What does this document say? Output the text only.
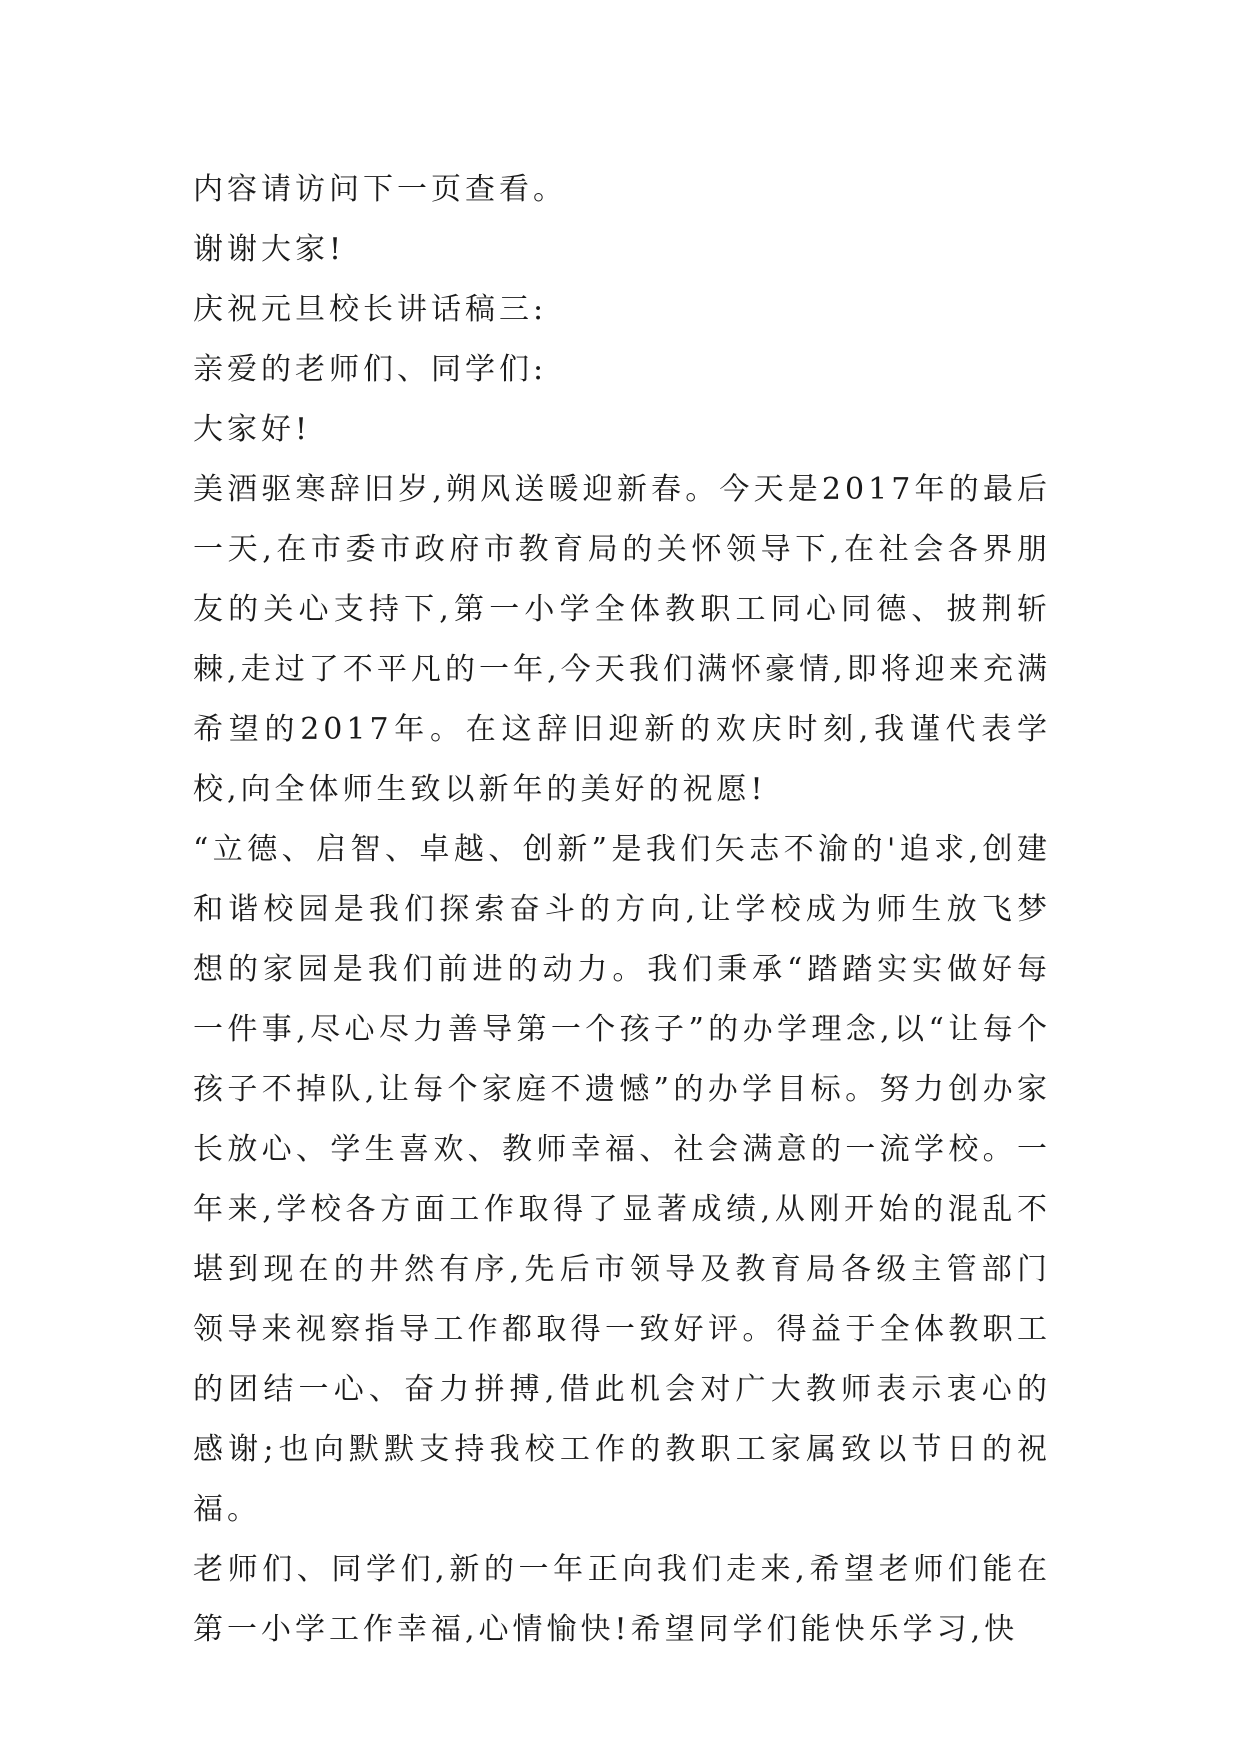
内容请访问下一页查看。

谢谢大家!

庆祝元旦校长讲话稿三:

亲爱的老师们、同学们:

大家好!

美酒驱寒辞旧岁,朔风送暖迎新春。今天是2017年的最后一天,在市委市政府市教育局的关怀领导下,在社会各界朋友的关心支持下,第一小学全体教职工同心同德、披荆斩棘,走过了不平凡的一年,今天我们满怀豪情,即将迎来充满希望的2017年。在这辞旧迎新的欢庆时刻,我谨代表学校,向全体师生致以新年的美好的祝愿!

“立德、启智、卓越、创新”是我们矢志不渝的'追求,创建和谐校园是我们探索奋斗的方向,让学校成为师生放飞梦想的家园是我们前进的动力。我们秉承“踏踏实实做好每一件事,尽心尽力善导第一个孩子”的办学理念,以“让每个孩子不掉队,让每个家庭不遗憾”的办学目标。努力创办家长放心、学生喜欢、教师幸福、社会满意的一流学校。一年来,学校各方面工作取得了显著成绩,从刚开始的混乱不堪到现在的井然有序,先后市领导及教育局各级主管部门领导来视察指导工作都取得一致好评。得益于全体教职工的团结一心、奋力拼搏,借此机会对广大教师表示衷心的感谢;也向默默支持我校工作的教职工家属致以节日的祝福。

老师们、同学们,新的一年正向我们走来,希望老师们能在第一小学工作幸福,心情愉快!希望同学们能快乐学习,快
